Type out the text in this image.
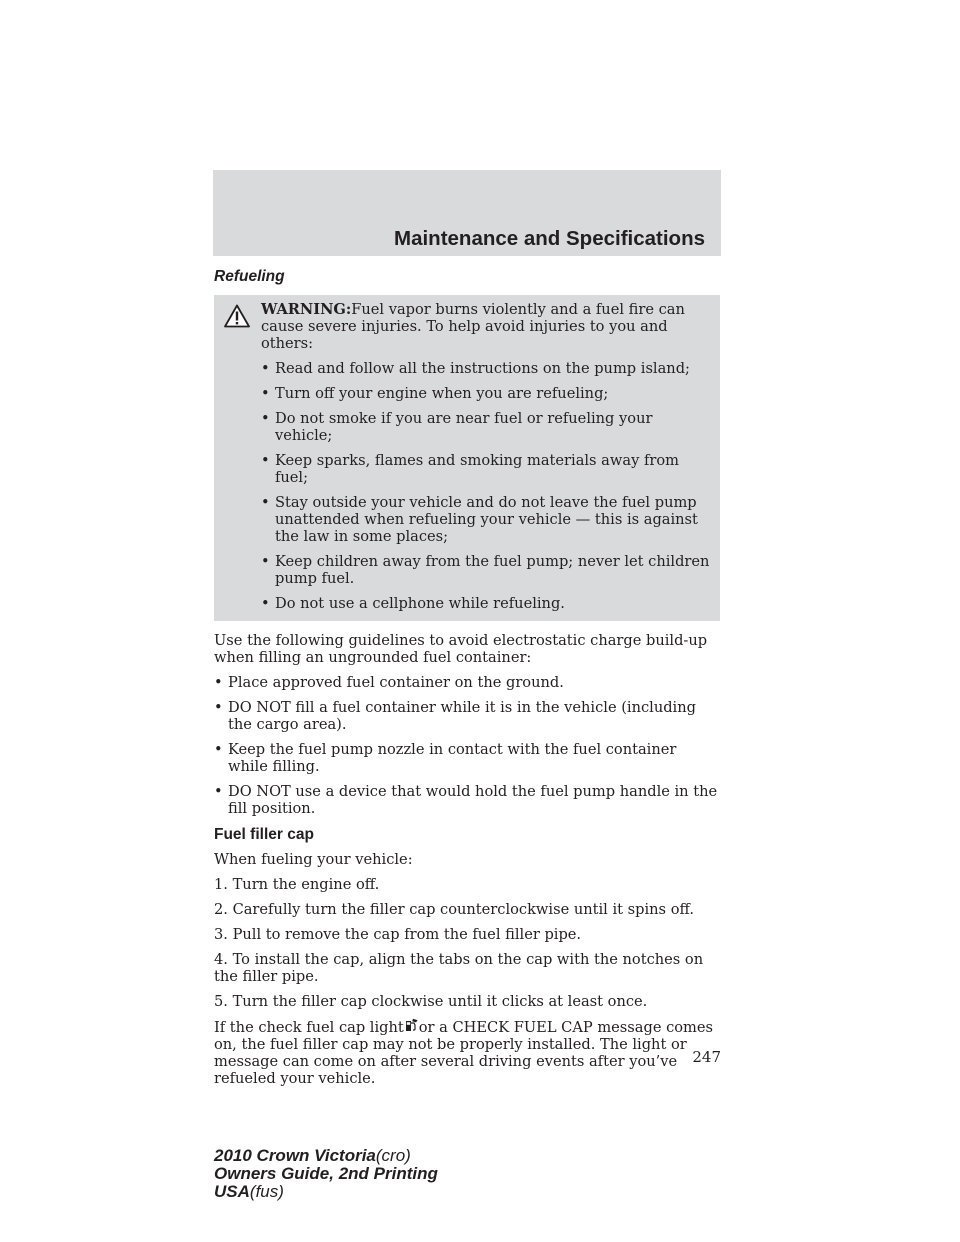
Maintenance and Specifications

Refueling

WARNING:Fuel vapor burns violently and a fuel fire can cause severe injuries. To help avoid injuries to you and others:

• Read and follow all the instructions on the pump island;
• Turn off your engine when you are refueling;
• Do not smoke if you are near fuel or refueling your vehicle;
• Keep sparks, flames and smoking materials away from fuel;
• Stay outside your vehicle and do not leave the fuel pump unattended when refueling your vehicle — this is against the law in some places;
• Keep children away from the fuel pump; never let children pump fuel.
• Do not use a cellphone while refueling.

Use the following guidelines to avoid electrostatic charge build-up when filling an ungrounded fuel container:

• Place approved fuel container on the ground.
• DO NOT fill a fuel container while it is in the vehicle (including the cargo area).
• Keep the fuel pump nozzle in contact with the fuel container while filling.
• DO NOT use a device that would hold the fuel pump handle in the fill position.

Fuel filler cap

When fueling your vehicle:

1. Turn the engine off.

2. Carefully turn the filler cap counterclockwise until it spins off.

3. Pull to remove the cap from the fuel filler pipe.

4. To install the cap, align the tabs on the cap with the notches on the filler pipe.

5. Turn the filler cap clockwise until it clicks at least once.

If the check fuel cap light or a CHECK FUEL CAP message comes on, the fuel filler cap may not be properly installed. The light or message can come on after several driving events after you’ve refueled your vehicle.

247
2010 Crown Victoria(cro)
Owners Guide, 2nd Printing
USA(fus)
